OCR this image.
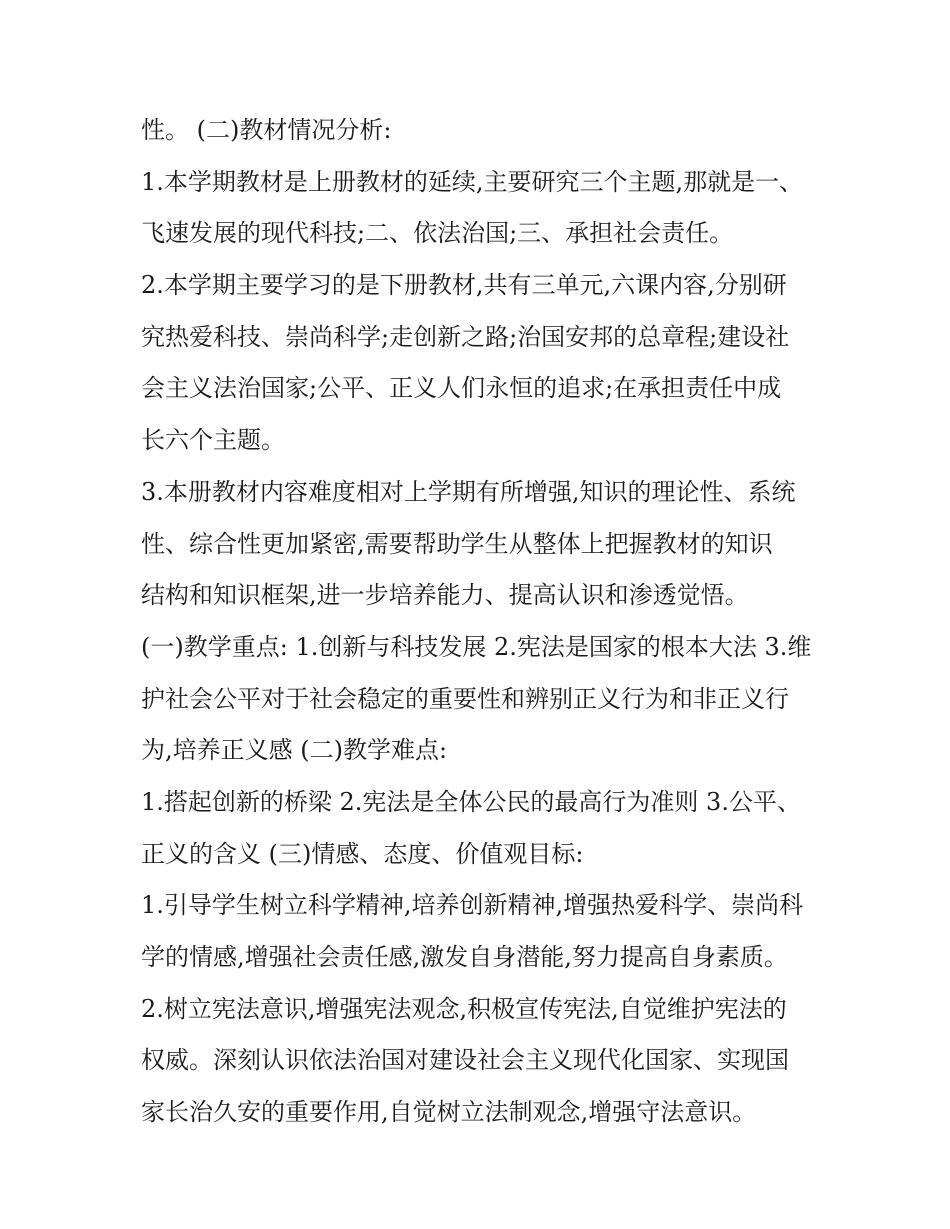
性。 (二)教材情况分析:
1.本学期教材是上册教材的延续,主要研究三个主题,那就是一、
飞速发展的现代科技;二、依法治国;三、承担社会责任。
2.本学期主要学习的是下册教材,共有三单元,六课内容,分别研
究热爱科技、崇尚科学;走创新之路;治国安邦的总章程;建设社
会主义法治国家;公平、正义人们永恒的追求;在承担责任中成
长六个主题。
3.本册教材内容难度相对上学期有所增强,知识的理论性、系统
性、综合性更加紧密,需要帮助学生从整体上把握教材的知识
结构和知识框架,进一步培养能力、提高认识和渗透觉悟。
(一)教学重点: 1.创新与科技发展 2.宪法是国家的根本大法 3.维
护社会公平对于社会稳定的重要性和辨别正义行为和非正义行
为,培养正义感 (二)教学难点:
1.搭起创新的桥梁 2.宪法是全体公民的最高行为准则 3.公平、
正义的含义 (三)情感、态度、价值观目标:
1.引导学生树立科学精神,培养创新精神,增强热爱科学、崇尚科
学的情感,增强社会责任感,激发自身潜能,努力提高自身素质。
2.树立宪法意识,增强宪法观念,积极宣传宪法,自觉维护宪法的
权威。深刻认识依法治国对建设社会主义现代化国家、实现国
家长治久安的重要作用,自觉树立法制观念,增强守法意识。
